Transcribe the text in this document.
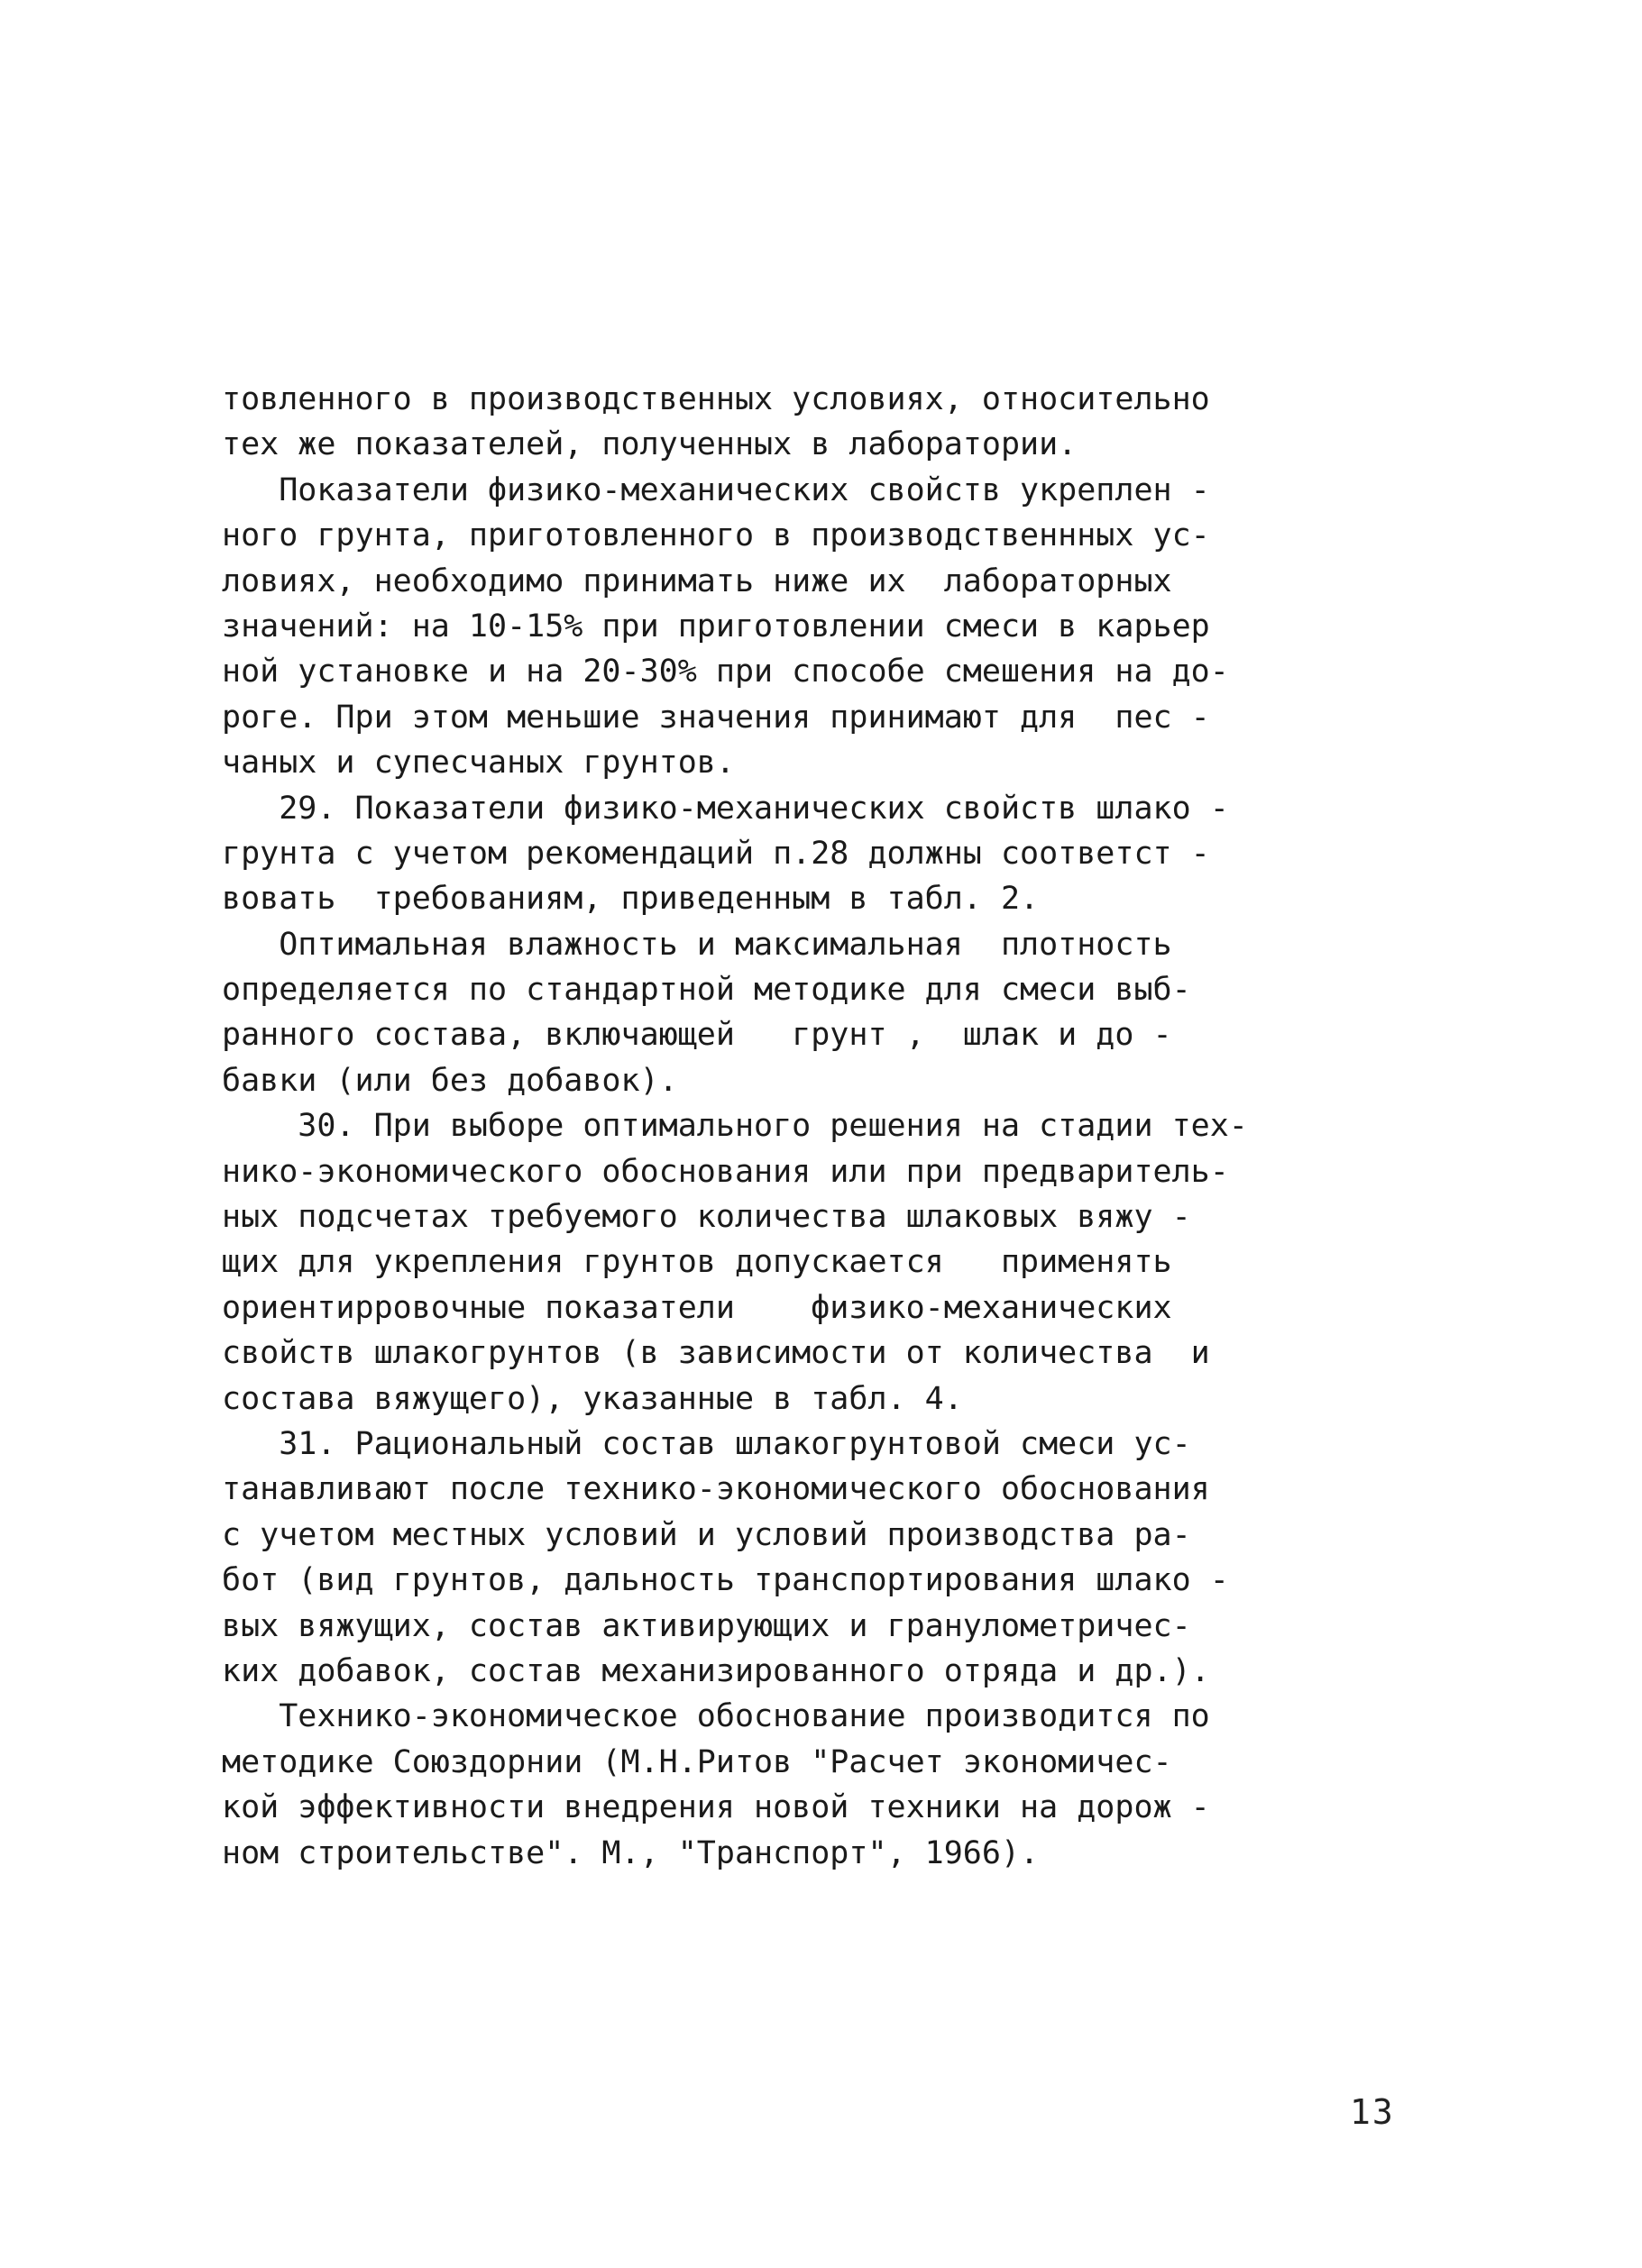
товленного в производственных условиях, относительно
тех же показателей, полученных в лаборатории.
Показатели физико-механических свойств укреплен -
ного грунта, приготовленного в производственнных ус-
ловиях, необходимо принимать ниже их  лабораторных
значений: на 10-15% при приготовлении смеси в карьер
ной установке и на 20-30% при способе смешения на до-
роге. При этом меньшие значения принимают для  пес -
чаных и супесчаных грунтов.
29. Показатели физико-механических свойств шлако -
грунта с учетом рекомендаций п.28 должны соответст -
вовать  требованиям, приведенным в табл. 2.
Оптимальная влажность и максимальная  плотность
определяется по стандартной методике для смеси выб-
ранного состава, включающей   грунт ,  шлак и до -
бавки (или без добавок).
30. При выборе оптимального решения на стадии тех-
нико-экономического обоснования или при предваритель-
ных подсчетах требуемого количества шлаковых вяжу -
щих для укрепления грунтов допускается   применять
ориентирровочные показатели    физико-механических
свойств шлакогрунтов (в зависимости от количества  и
состава вяжущего), указанные в табл. 4.
31. Рациональный состав шлакогрунтовой смеси ус-
танавливают после технико-экономического обоснования
с учетом местных условий и условий производства ра-
бот (вид грунтов, дальность транспортирования шлако -
вых вяжущих, состав активирующих и гранулометричес-
ких добавок, состав механизированного отряда и др.).
Технико-экономическое обоснование производится по
методике Союздорнии (М.Н.Ритов "Расчет экономичес-
кой эффективности внедрения новой техники на дорож -
ном строительстве". М., "Транспорт", 1966).
13
